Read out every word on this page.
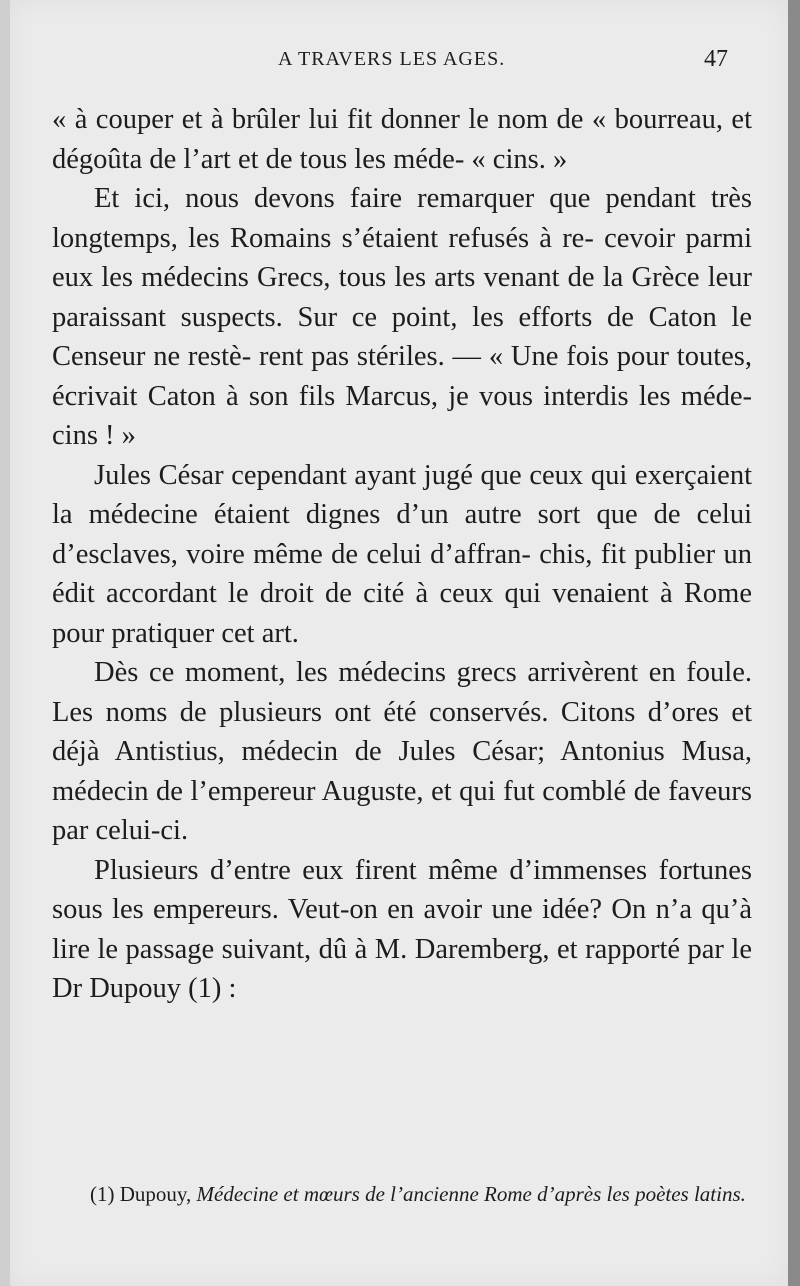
A TRAVERS LES AGES.	47

« à couper et à brûler lui fit donner le nom de « bourreau, et dégoûta de l’art et de tous les méde- « cins. »

Et ici, nous devons faire remarquer que pendant très longtemps, les Romains s’étaient refusés à re- cevoir parmi eux les médecins Grecs, tous les arts venant de la Grèce leur paraissant suspects. Sur ce point, les efforts de Caton le Censeur ne restè- rent pas stériles. — « Une fois pour toutes, écrivait Caton à son fils Marcus, je vous interdis les méde- cins ! »

Jules César cependant ayant jugé que ceux qui exerçaient la médecine étaient dignes d’un autre sort que de celui d’esclaves, voire même de celui d’affran- chis, fit publier un édit accordant le droit de cité à ceux qui venaient à Rome pour pratiquer cet art.

Dès ce moment, les médecins grecs arrivèrent en foule. Les noms de plusieurs ont été conservés. Citons d’ores et déjà Antistius, médecin de Jules César; Antonius Musa, médecin de l’empereur Auguste, et qui fut comblé de faveurs par celui-ci.

Plusieurs d’entre eux firent même d’immenses fortunes sous les empereurs. Veut-on en avoir une idée? On n’a qu’à lire le passage suivant, dû à M. Daremberg, et rapporté par le Dr Dupouy (1) :

(1) Dupouy, Médecine et mœurs de l’ancienne Rome d’après les poètes latins.
